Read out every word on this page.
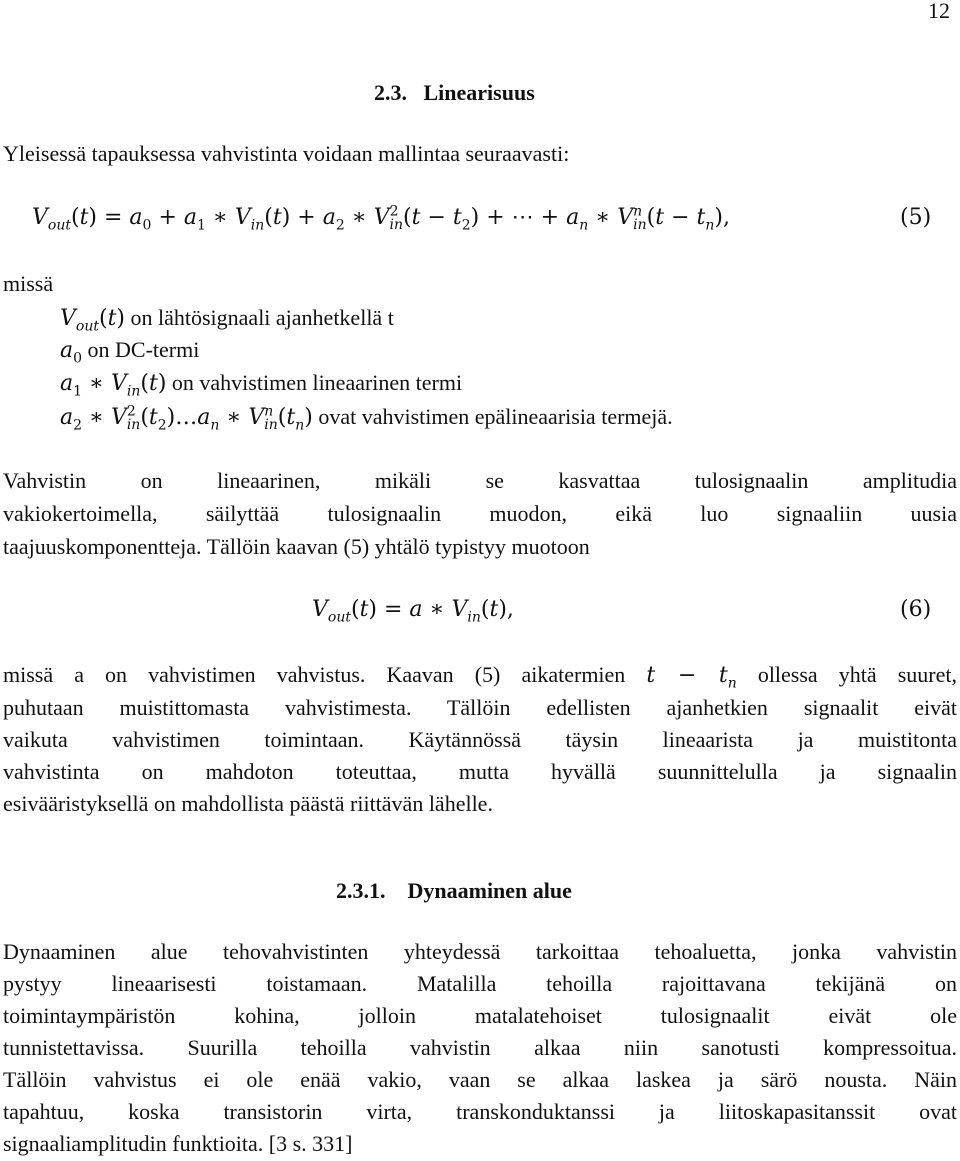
12
2.3. Linearisuus
Yleisessä tapauksessa vahvistinta voidaan mallintaa seuraavasti:
$V_{out}(t) = a_0 + a_1$ ∗ $V_{in}(t) + a_2$ ∗ $V^2_{in}(t - t_2)$ + ⋯ + $a_n$ ∗ $V^n_{in}(t - t_n)$,	(5)
missä
$V_{out}(t)$ on lähtösignaali ajanhetkellä t
$a_0$ on DC-termi
$a_1$ ∗ $V_{in}(t)$ on vahvistimen lineaarinen termi
$a_2$ ∗ $V^2_{in}(t_2)\dots a_n$ ∗ $V^n_{in}(t_n)$ ovat vahvistimen epälineaarisia termejä.
Vahvistin on lineaarinen, mikäli se kasvattaa tulosignaalin amplitudia
vakiokertoimella, säilyttää tulosignaalin muodon, eikä luo signaaliin uusia
taajuuskomponentteja. Tällöin kaavan (5) yhtälö typistyy muotoon
$V_{out}(t) = a$ ∗ $V_{in}(t)$,	(6)
missä a on vahvistimen vahvistus. Kaavan (5) aikatermien $t - t_n$ ollessa yhtä suuret,
puhutaan muistittomasta vahvistimesta. Tällöin edellisten ajanhetkien signaalit eivät
vaikuta vahvistimen toimintaan. Käytännössä täysin lineaarista ja muistitonta
vahvistinta on mahdoton toteuttaa, mutta hyvällä suunnittelulla ja signaalin
esivääristyksellä on mahdollista päästä riittävän lähelle.
2.3.1. Dynaaminen alue
Dynaaminen alue tehovahvistinten yhteydessä tarkoittaa tehoaluetta, jonka vahvistin
pystyy lineaarisesti toistamaan. Matalilla tehoilla rajoittavana tekijänä on
toimintaympäristön kohina, jolloin matalatehoiset tulosignaalit eivät ole
tunnistettavissa. Suurilla tehoilla vahvistin alkaa niin sanotusti kompressoitua.
Tällöin vahvistus ei ole enää vakio, vaan se alkaa laskea ja särö nousta. Näin
tapahtuu, koska transistorin virta, transkonduktanssi ja liitoskapasitanssit ovat
signaaliamplitudin funktioita. [3 s. 331]
